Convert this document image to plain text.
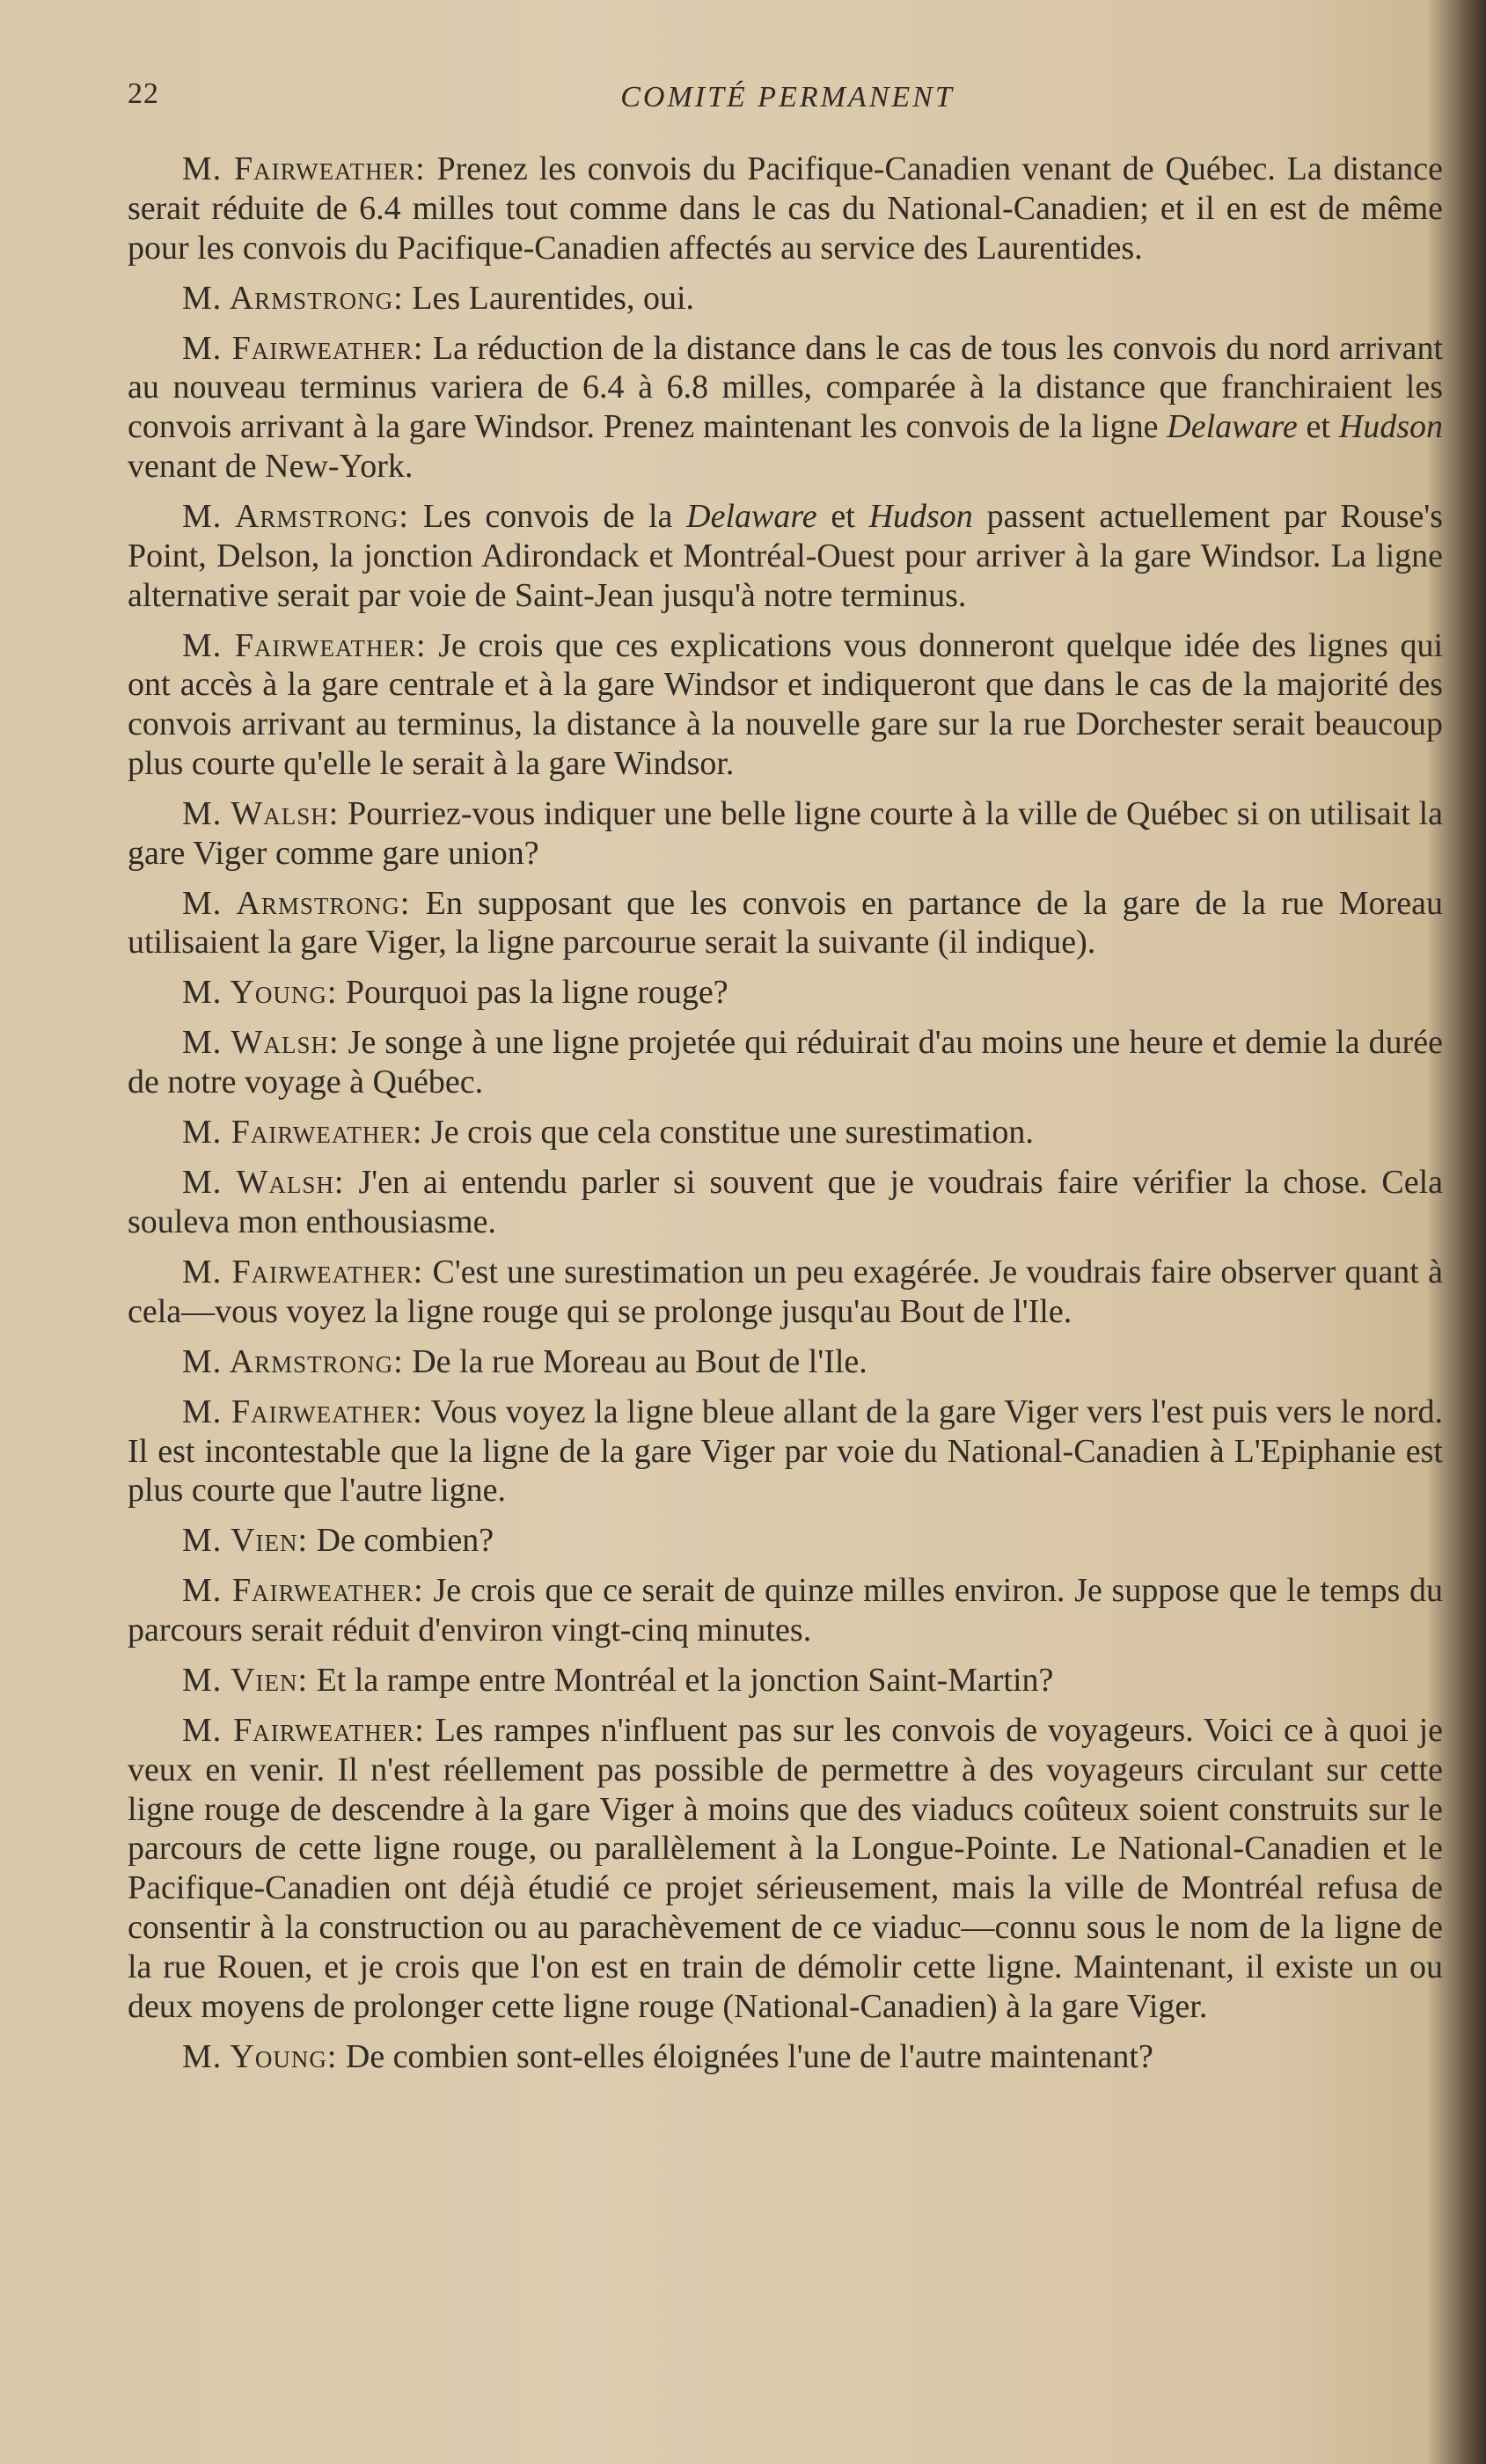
22	COMITÉ PERMANENT

M. Fairweather: Prenez les convois du Pacifique-Canadien venant de Québec. La distance serait réduite de 6.4 milles tout comme dans le cas du National-Canadien; et il en est de même pour les convois du Pacifique-Canadien affectés au service des Laurentides.

M. Armstrong: Les Laurentides, oui.

M. Fairweather: La réduction de la distance dans le cas de tous les convois du nord arrivant au nouveau terminus variera de 6.4 à 6.8 milles, comparée à la distance que franchiraient les convois arrivant à la gare Windsor. Prenez maintenant les convois de la ligne Delaware et Hudson venant de New-York.

M. Armstrong: Les convois de la Delaware et Hudson passent actuellement par Rouse's Point, Delson, la jonction Adirondack et Montréal-Ouest pour arriver à la gare Windsor. La ligne alternative serait par voie de Saint-Jean jusqu'à notre terminus.

M. Fairweather: Je crois que ces explications vous donneront quelque idée des lignes qui ont accès à la gare centrale et à la gare Windsor et indiqueront que dans le cas de la majorité des convois arrivant au terminus, la distance à la nouvelle gare sur la rue Dorchester serait beaucoup plus courte qu'elle le serait à la gare Windsor.

M. Walsh: Pourriez-vous indiquer une belle ligne courte à la ville de Québec si on utilisait la gare Viger comme gare union?

M. Armstrong: En supposant que les convois en partance de la gare de la rue Moreau utilisaient la gare Viger, la ligne parcourue serait la suivante (il indique).

M. Young: Pourquoi pas la ligne rouge?

M. Walsh: Je songe à une ligne projetée qui réduirait d'au moins une heure et demie la durée de notre voyage à Québec.

M. Fairweather: Je crois que cela constitue une surestimation.

M. Walsh: J'en ai entendu parler si souvent que je voudrais faire vérifier la chose. Cela souleva mon enthousiasme.

M. Fairweather: C'est une surestimation un peu exagérée. Je voudrais faire observer quant à cela—vous voyez la ligne rouge qui se prolonge jusqu'au Bout de l'Ile.

M. Armstrong: De la rue Moreau au Bout de l'Ile.

M. Fairweather: Vous voyez la ligne bleue allant de la gare Viger vers l'est puis vers le nord. Il est incontestable que la ligne de la gare Viger par voie du National-Canadien à L'Epiphanie est plus courte que l'autre ligne.

M. Vien: De combien?

M. Fairweather: Je crois que ce serait de quinze milles environ. Je suppose que le temps du parcours serait réduit d'environ vingt-cinq minutes.

M. Vien: Et la rampe entre Montréal et la jonction Saint-Martin?

M. Fairweather: Les rampes n'influent pas sur les convois de voyageurs. Voici ce à quoi je veux en venir. Il n'est réellement pas possible de permettre à des voyageurs circulant sur cette ligne rouge de descendre à la gare Viger à moins que des viaducs coûteux soient construits sur le parcours de cette ligne rouge, ou parallèlement à la Longue-Pointe. Le National-Canadien et le Pacifique-Canadien ont déjà étudié ce projet sérieusement, mais la ville de Montréal refusa de consentir à la construction ou au parachèvement de ce viaduc—connu sous le nom de la ligne de la rue Rouen, et je crois que l'on est en train de démolir cette ligne. Maintenant, il existe un ou deux moyens de prolonger cette ligne rouge (National-Canadien) à la gare Viger.

M. Young: De combien sont-elles éloignées l'une de l'autre maintenant?
